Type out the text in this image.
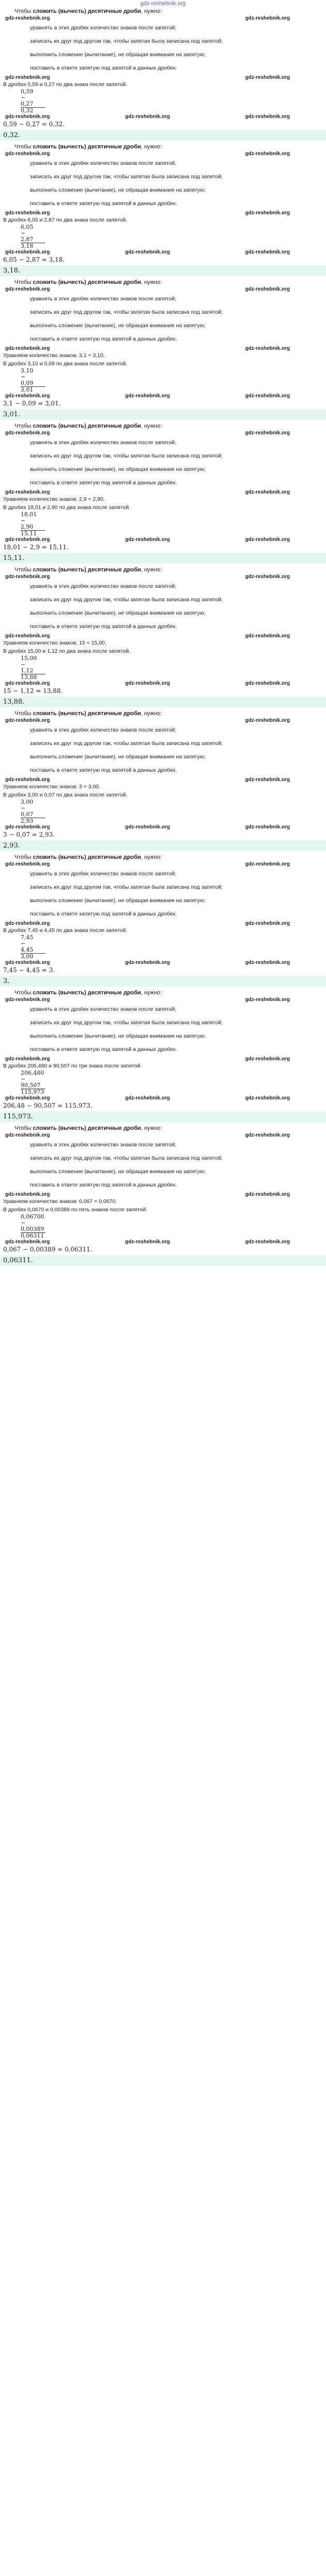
gdz-reshebnik.org
Чтобы сложить (вычесть) десятичные дроби, нужно:
gdz-reshebnik.org	gdz-reshebnik.org
уравнять в этих дробях количество знаков после запятой;
записать их друг под другом так, чтобы запятая была записана под запятой;
выполнить сложение (вычитание), не обращая внимания на запятую;
поставить в ответе запятую под запятой в данных дробях.
gdz-reshebnik.org	gdz-reshebnik.org
В дробях 0,59 и 0,27 по два знака после запятой.
0,59
−
0,27
0,32
gdz-reshebnik.org	gdz-reshebnik.org	gdz-reshebnik.org
0,59 − 0,27 = 0,32.
0,32.
Чтобы сложить (вычесть) десятичные дроби, нужно:
gdz-reshebnik.org	gdz-reshebnik.org
уравнять в этих дробях количество знаков после запятой;
записать их друг под другом так, чтобы запятая была записана под запятой;
выполнить сложение (вычитание), не обращая внимания на запятую;
поставить в ответе запятую под запятой в данных дробях.
gdz-reshebnik.org	gdz-reshebnik.org
В дробях 6,05 и 2,87 по два знака после запятой.
6,05
−
2,87
3,18
gdz-reshebnik.org	gdz-reshebnik.org	gdz-reshebnik.org
6,05 − 2,87 = 3,18.
3,18.
Чтобы сложить (вычесть) десятичные дроби, нужно:
gdz-reshebnik.org	gdz-reshebnik.org
уравнять в этих дробях количество знаков после запятой;
записать их друг под другом так, чтобы запятая была записана под запятой;
выполнить сложение (вычитание), не обращая внимания на запятую;
поставить в ответе запятую под запятой в данных дробях.
gdz-reshebnik.org	gdz-reshebnik.org
Уравняем количество знаков: 3,1 = 3,10.
В дробях 3,10 и 0,09 по два знака после запятой.
3,10
−
0,09
3,01
gdz-reshebnik.org	gdz-reshebnik.org	gdz-reshebnik.org
3,1 − 0,09 = 3,01.
3,01.
Чтобы сложить (вычесть) десятичные дроби, нужно:
gdz-reshebnik.org	gdz-reshebnik.org
уравнять в этих дробях количество знаков после запятой;
записать их друг под другом так, чтобы запятая была записана под запятой;
выполнить сложение (вычитание), не обращая внимания на запятую;
поставить в ответе запятую под запятой в данных дробях.
gdz-reshebnik.org	gdz-reshebnik.org
Уравняем количество знаков: 2,9 = 2,90.
В дробях 18,01 и 2,90 по два знака после запятой.
18,01
−
2,90
15,11
gdz-reshebnik.org	gdz-reshebnik.org	gdz-reshebnik.org
18,01 − 2,9 = 15,11.
15,11.
Чтобы сложить (вычесть) десятичные дроби, нужно:
gdz-reshebnik.org	gdz-reshebnik.org
уравнять в этих дробях количество знаков после запятой;
записать их друг под другом так, чтобы запятая была записана под запятой;
выполнить сложение (вычитание), не обращая внимания на запятую;
поставить в ответе запятую под запятой в данных дробях.
gdz-reshebnik.org	gdz-reshebnik.org
Уравняем количество знаков: 15 = 15,00.
В дробях 15,00 и 1,12 по два знака после запятой.
15,00
−
1,12
13,88
gdz-reshebnik.org	gdz-reshebnik.org	gdz-reshebnik.org
15 − 1,12 = 13,88.
13,88.
Чтобы сложить (вычесть) десятичные дроби, нужно:
gdz-reshebnik.org	gdz-reshebnik.org
уравнять в этих дробях количество знаков после запятой;
записать их друг под другом так, чтобы запятая была записана под запятой;
выполнить сложение (вычитание), не обращая внимания на запятую;
поставить в ответе запятую под запятой в данных дробях.
gdz-reshebnik.org	gdz-reshebnik.org
Уравняем количество знаков: 3 = 3,00.
В дробях 3,00 и 0,07 по два знака после запятой.
3,00
−
0,07
2,93
gdz-reshebnik.org	gdz-reshebnik.org	gdz-reshebnik.org
3 − 0,07 = 2,93.
2,93.
Чтобы сложить (вычесть) десятичные дроби, нужно:
gdz-reshebnik.org	gdz-reshebnik.org
уравнять в этих дробях количество знаков после запятой;
записать их друг под другом так, чтобы запятая была записана под запятой;
выполнить сложение (вычитание), не обращая внимания на запятую;
поставить в ответе запятую под запятой в данных дробях.
gdz-reshebnik.org	gdz-reshebnik.org
В дробях 7,45 и 4,45 по два знака после запятой.
7,45
−
4,45
3,00
gdz-reshebnik.org	gdz-reshebnik.org	gdz-reshebnik.org
7,45 − 4,45 = 3.
3.
Чтобы сложить (вычесть) десятичные дроби, нужно:
gdz-reshebnik.org	gdz-reshebnik.org
уравнять в этих дробях количество знаков после запятой;
записать их друг под другом так, чтобы запятая была записана под запятой;
выполнить сложение (вычитание), не обращая внимания на запятую;
поставить в ответе запятую под запятой в данных дробях.
gdz-reshebnik.org	gdz-reshebnik.org
В дробях 206,480 и 90,507 по три знака после запятой.
206,480
−
90,507
115,973
gdz-reshebnik.org	gdz-reshebnik.org	gdz-reshebnik.org
206,48 − 90,507 = 115,973.
115,973.
Чтобы сложить (вычесть) десятичные дроби, нужно:
gdz-reshebnik.org	gdz-reshebnik.org
уравнять в этих дробях количество знаков после запятой;
записать их друг под другом так, чтобы запятая была записана под запятой;
выполнить сложение (вычитание), не обращая внимания на запятую;
поставить в ответе запятую под запятой в данных дробях.
gdz-reshebnik.org	gdz-reshebnik.org
Уравняем количество знаков: 0,067 = 0,0670.
В дробях 0,0670 и 0,00389 по пять знаков после запятой.
0,06700
−
0,00389
0,06311
gdz-reshebnik.org	gdz-reshebnik.org	gdz-reshebnik.org
0,067 − 0,00389 = 0,06311.
0,06311.
